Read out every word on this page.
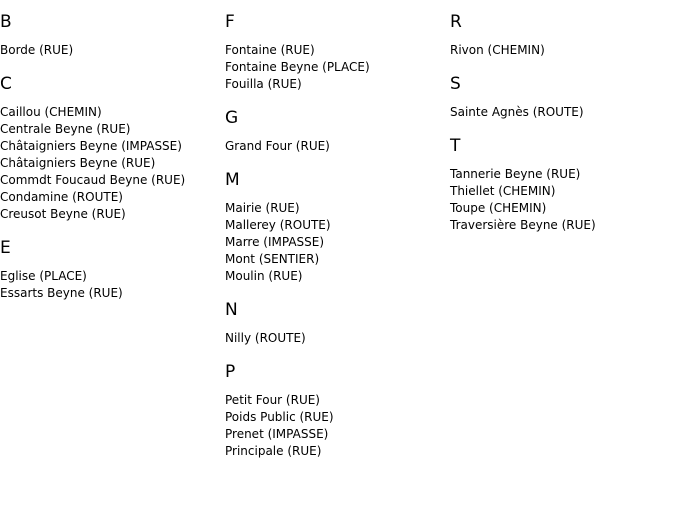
B
Borde (RUE)
C
Caillou (CHEMIN)
Centrale Beyne (RUE)
Châtaigniers Beyne (IMPASSE)
Châtaigniers Beyne (RUE)
Commdt Foucaud Beyne (RUE)
Condamine (ROUTE)
Creusot Beyne (RUE)
E
Eglise (PLACE)
Essarts Beyne (RUE)
F
Fontaine (RUE)
Fontaine Beyne (PLACE)
Fouilla (RUE)
G
Grand Four (RUE)
M
Mairie (RUE)
Mallerey (ROUTE)
Marre (IMPASSE)
Mont (SENTIER)
Moulin (RUE)
N
Nilly (ROUTE)
P
Petit Four (RUE)
Poids Public (RUE)
Prenet (IMPASSE)
Principale (RUE)
R
Rivon (CHEMIN)
S
Sainte Agnès (ROUTE)
T
Tannerie Beyne (RUE)
Thiellet (CHEMIN)
Toupe (CHEMIN)
Traversière Beyne (RUE)
